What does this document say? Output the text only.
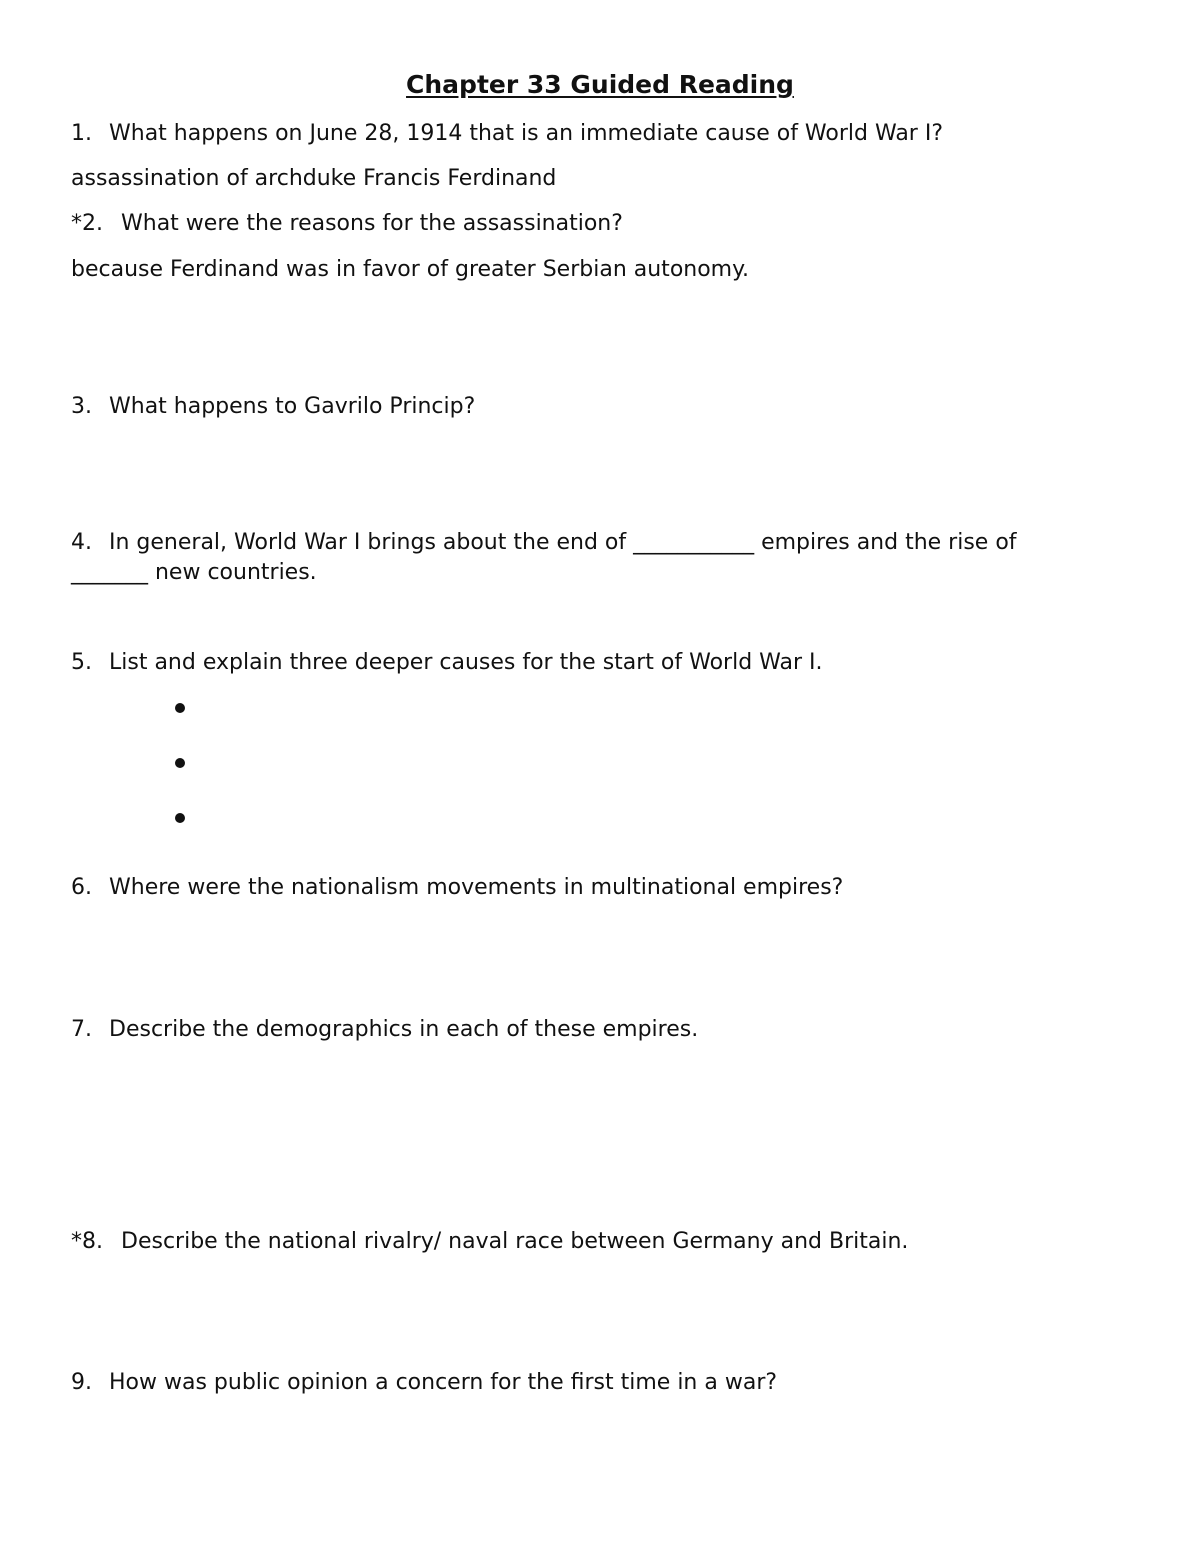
Chapter 33 Guided Reading
1. What happens on June 28, 1914 that is an immediate cause of World War I?
assassination of archduke Francis Ferdinand
*2. What were the reasons for the assassination?
because Ferdinand was in favor of greater Serbian autonomy.
3. What happens to Gavrilo Princip?
4. In general, World War I brings about the end of ___________ empires and the rise of
_______ new countries.
5. List and explain three deeper causes for the start of World War I.
6. Where were the nationalism movements in multinational empires?
7. Describe the demographics in each of these empires.
*8. Describe the national rivalry/ naval race between Germany and Britain.
9. How was public opinion a concern for the first time in a war?
